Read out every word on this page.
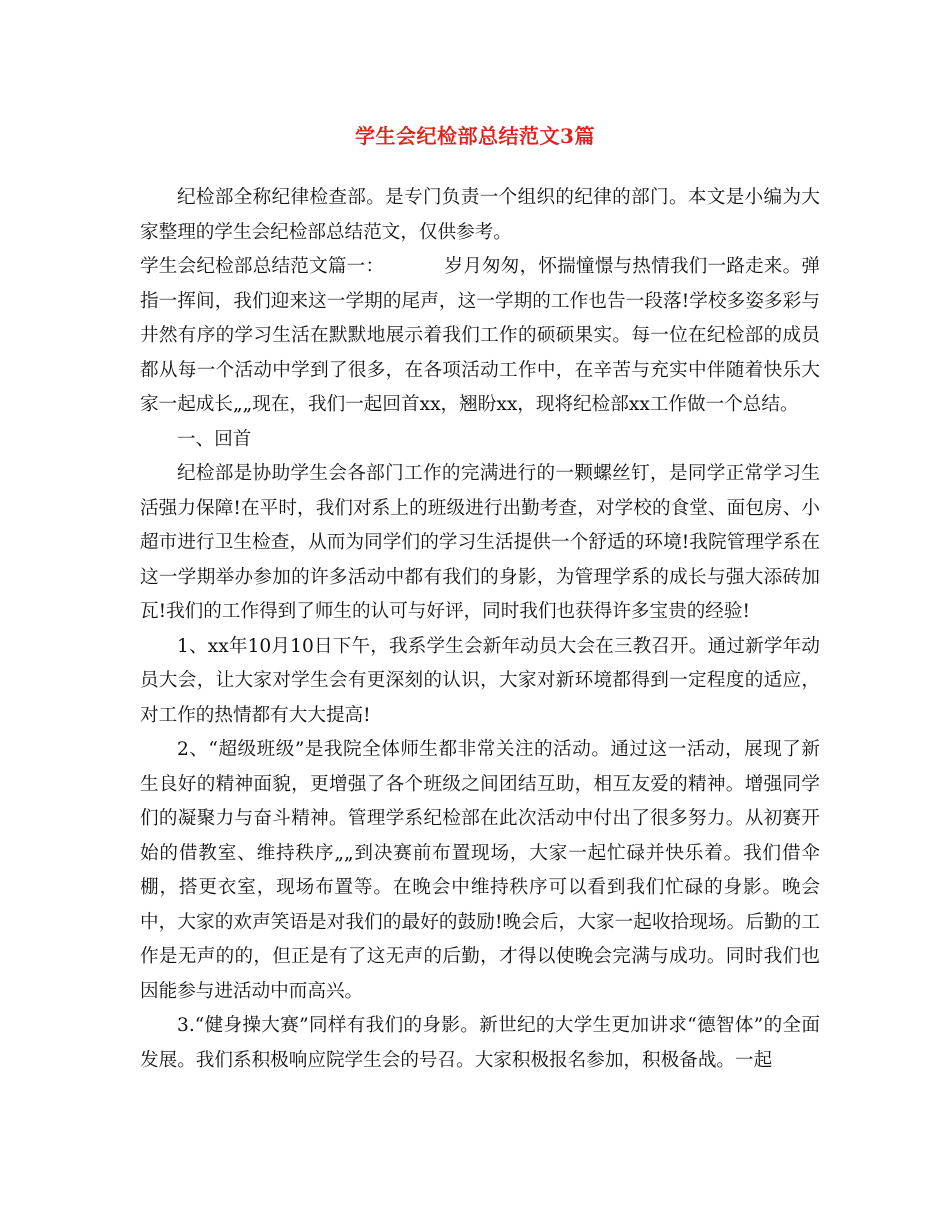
学生会纪检部总结范文3篇

纪检部全称纪律检查部。是专门负责一个组织的纪律的部门。本文是小编为大家整理的学生会纪检部总结范文，仅供参考。

学生会纪检部总结范文篇一：	岁月匆匆，怀揣憧憬与热情我们一路走来。弹指一挥间，我们迎来这一学期的尾声，这一学期的工作也告一段落!学校多姿多彩与井然有序的学习生活在默默地展示着我们工作的硕硕果实。每一位在纪检部的成员都从每一个活动中学到了很多，在各项活动工作中，在辛苦与充实中伴随着快乐大家一起成长„„现在，我们一起回首xx，翘盼xx，现将纪检部xx工作做一个总结。

一、回首

纪检部是协助学生会各部门工作的完满进行的一颗螺丝钉，是同学正常学习生活强力保障!在平时，我们对系上的班级进行出勤考查，对学校的食堂、面包房、小超市进行卫生检查，从而为同学们的学习生活提供一个舒适的环境!我院管理学系在这一学期举办参加的许多活动中都有我们的身影，为管理学系的成长与强大添砖加瓦!我们的工作得到了师生的认可与好评，同时我们也获得许多宝贵的经验!

1、xx年10月10日下午，我系学生会新年动员大会在三教召开。通过新学年动员大会，让大家对学生会有更深刻的认识，大家对新环境都得到一定程度的适应，对工作的热情都有大大提高!

2、“超级班级”是我院全体师生都非常关注的活动。通过这一活动，展现了新生良好的精神面貌，更增强了各个班级之间团结互助，相互友爱的精神。增强同学们的凝聚力与奋斗精神。管理学系纪检部在此次活动中付出了很多努力。从初赛开始的借教室、维持秩序„„到决赛前布置现场，大家一起忙碌并快乐着。我们借伞棚，搭更衣室，现场布置等。在晚会中维持秩序可以看到我们忙碌的身影。晚会中，大家的欢声笑语是对我们的最好的鼓励!晚会后，大家一起收拾现场。后勤的工作是无声的的，但正是有了这无声的后勤，才得以使晚会完满与成功。同时我们也因能参与进活动中而高兴。

3.“健身操大赛”同样有我们的身影。新世纪的大学生更加讲求“德智体”的全面发展。我们系积极响应院学生会的号召。大家积极报名参加，积极备战。一起
